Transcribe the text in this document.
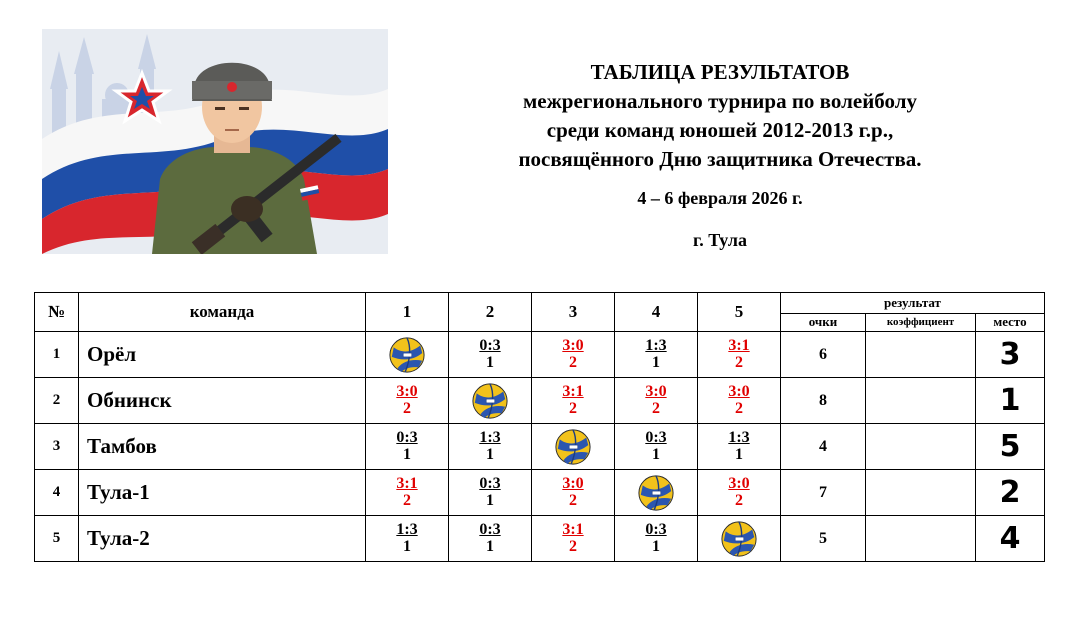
ТАБЛИЦА РЕЗУЛЬТАТОВ
межрегионального турнира по волейболу
среди команд юношей 2012-2013 г.р.,
посвящённого Дню защитника Отечества.
4 – 6 февраля 2026 г.
г. Тула
№	команда	1	2	3	4	5	результат		
							очки	коэффициент	место
1	Орёл		$\frac{0:3}{1}$	$\frac{3:0}{2}$	$\frac{1:3}{1}$	$\frac{3:1}{2}$	6		3
2	Обнинск	$\frac{3:0}{2}$		$\frac{3:1}{2}$	$\frac{3:0}{2}$	$\frac{3:0}{2}$	8		1
3	Тамбов	$\frac{0:3}{1}$	$\frac{1:3}{1}$		$\frac{0:3}{1}$	$\frac{1:3}{1}$	4		5
4	Тула-1	$\frac{3:1}{2}$	$\frac{0:3}{1}$	$\frac{3:0}{2}$		$\frac{3:0}{2}$	7		2
5	Тула-2	$\frac{1:3}{1}$	$\frac{0:3}{1}$	$\frac{3:1}{2}$	$\frac{0:3}{1}$		5		4
